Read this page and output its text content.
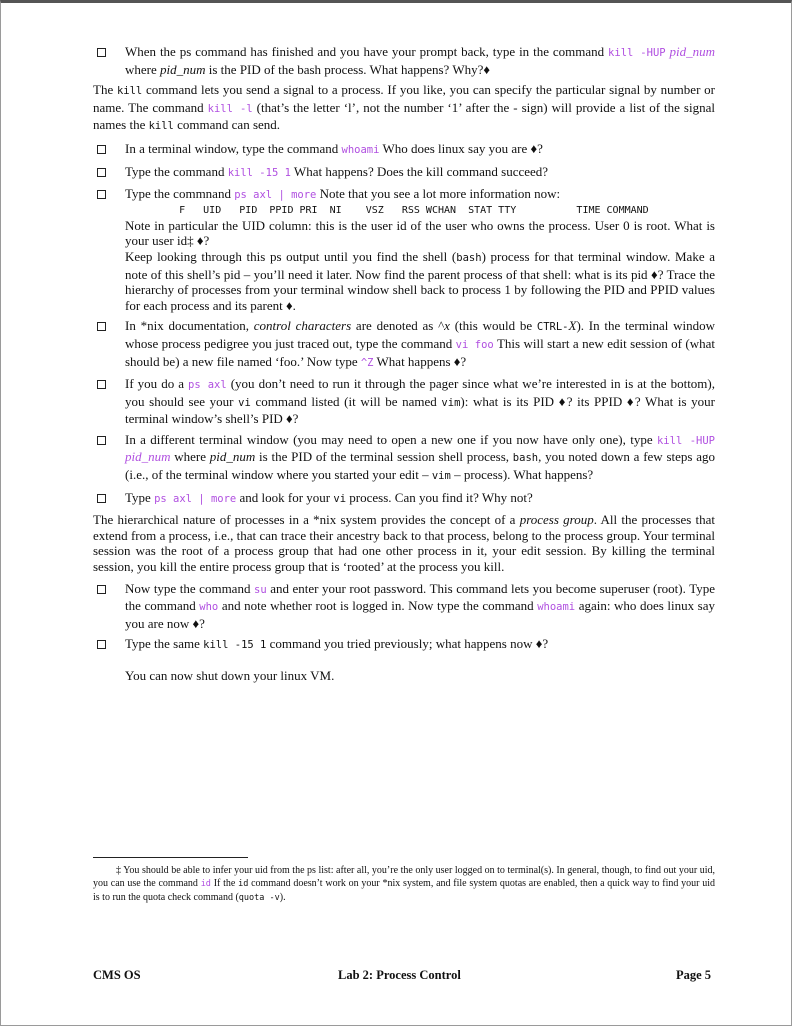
When the ps command has finished and you have your prompt back, type in the command kill -HUP pid_num where pid_num is the PID of the bash process. What happens? Why?♦
The kill command lets you send a signal to a process. If you like, you can specify the particular signal by number or name. The command kill -l (that’s the letter ‘l’, not the number ‘1’ after the - sign) will provide a list of the signal names the kill command can send.
In a terminal window, type the command whoami Who does linux say you are ♦?
Type the command kill -15 1 What happens? Does the kill command succeed?
Type the commnand ps axl | more Note that you see a lot more information now:
F   UID   PID  PPID PRI  NI    VSZ   RSS WCHAN  STAT TTY          TIME COMMAND
Note in particular the UID column: this is the user id of the user who owns the process. User 0 is root. What is your user id‡ ♦?
Keep looking through this ps output until you find the shell (bash) process for that terminal window. Make a note of this shell’s pid – you’ll need it later. Now find the parent process of that shell: what is its pid ♦? Trace the hierarchy of processes from your terminal window shell back to process 1 by following the PID and PPID values for each process and its parent ♦.
In *nix documentation, control characters are denoted as ^x (this would be CTRL-X). In the terminal window whose process pedigree you just traced out, type the command vi foo This will start a new edit session of (what should be) a new file named ‘foo.’ Now type ^Z What happens ♦?
If you do a ps axl (you don’t need to run it through the pager since what we’re interested in is at the bottom), you should see your vi command listed (it will be named vim): what is its PID ♦? its PPID ♦? What is your terminal window’s shell’s PID ♦?
In a different terminal window (you may need to open a new one if you now have only one), type kill -HUP pid_num where pid_num is the PID of the terminal session shell process, bash, you noted down a few steps ago (i.e., of the terminal window where you started your edit – vim – process). What happens?
Type ps axl | more and look for your vi process. Can you find it? Why not?
The hierarchical nature of processes in a *nix system provides the concept of a process group. All the processes that extend from a process, i.e., that can trace their ancestry back to that process, belong to the process group. Your terminal session was the root of a process group that had one other process in it, your edit session. By killing the terminal session, you kill the entire process group that is ‘rooted’ at the process you kill.
Now type the command su and enter your root password. This command lets you become superuser (root). Type the command who and note whether root is logged in. Now type the command whoami again: who does linux say you are now ♦?
Type the same kill -15 1 command you tried previously; what happens now ♦?
You can now shut down your linux VM.
‡ You should be able to infer your uid from the ps list: after all, you’re the only user logged on to terminal(s). In general, though, to find out your uid, you can use the command id If the id command doesn’t work on your *nix system, and file system quotas are enabled, then a quick way to find your uid is to run the quota check command (quota -v).
CMS OS	Lab 2: Process Control	Page 5
